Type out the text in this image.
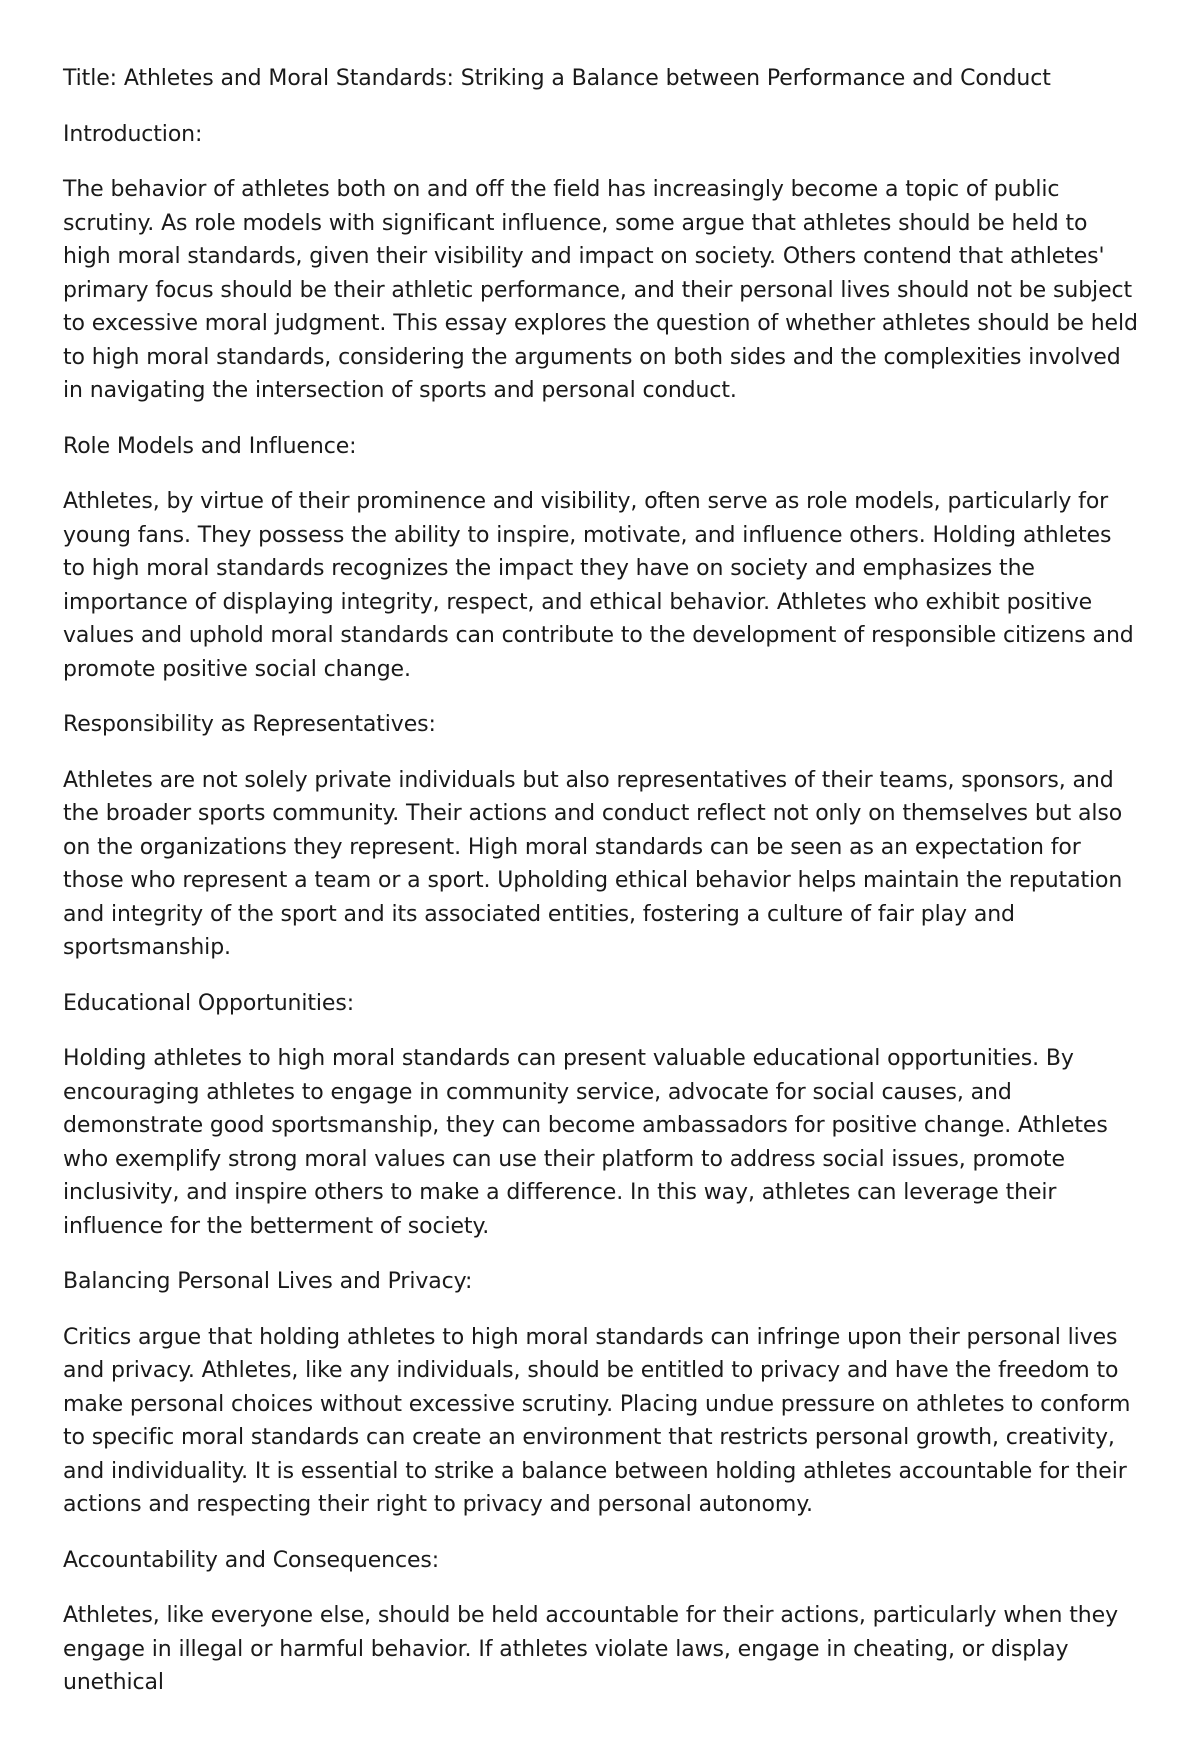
Title: Athletes and Moral Standards: Striking a Balance between Performance and Conduct

Introduction:

The behavior of athletes both on and off the field has increasingly become a topic of public scrutiny. As role models with significant influence, some argue that athletes should be held to high moral standards, given their visibility and impact on society. Others contend that athletes' primary focus should be their athletic performance, and their personal lives should not be subject to excessive moral judgment. This essay explores the question of whether athletes should be held to high moral standards, considering the arguments on both sides and the complexities involved in navigating the intersection of sports and personal conduct.

Role Models and Influence:

Athletes, by virtue of their prominence and visibility, often serve as role models, particularly for young fans. They possess the ability to inspire, motivate, and influence others. Holding athletes to high moral standards recognizes the impact they have on society and emphasizes the importance of displaying integrity, respect, and ethical behavior. Athletes who exhibit positive values and uphold moral standards can contribute to the development of responsible citizens and promote positive social change.

Responsibility as Representatives:

Athletes are not solely private individuals but also representatives of their teams, sponsors, and the broader sports community. Their actions and conduct reflect not only on themselves but also on the organizations they represent. High moral standards can be seen as an expectation for those who represent a team or a sport. Upholding ethical behavior helps maintain the reputation and integrity of the sport and its associated entities, fostering a culture of fair play and sportsmanship.

Educational Opportunities:

Holding athletes to high moral standards can present valuable educational opportunities. By encouraging athletes to engage in community service, advocate for social causes, and demonstrate good sportsmanship, they can become ambassadors for positive change. Athletes who exemplify strong moral values can use their platform to address social issues, promote inclusivity, and inspire others to make a difference. In this way, athletes can leverage their influence for the betterment of society.

Balancing Personal Lives and Privacy:

Critics argue that holding athletes to high moral standards can infringe upon their personal lives and privacy. Athletes, like any individuals, should be entitled to privacy and have the freedom to make personal choices without excessive scrutiny. Placing undue pressure on athletes to conform to specific moral standards can create an environment that restricts personal growth, creativity, and individuality. It is essential to strike a balance between holding athletes accountable for their actions and respecting their right to privacy and personal autonomy.

Accountability and Consequences:

Athletes, like everyone else, should be held accountable for their actions, particularly when they engage in illegal or harmful behavior. If athletes violate laws, engage in cheating, or display unethical
